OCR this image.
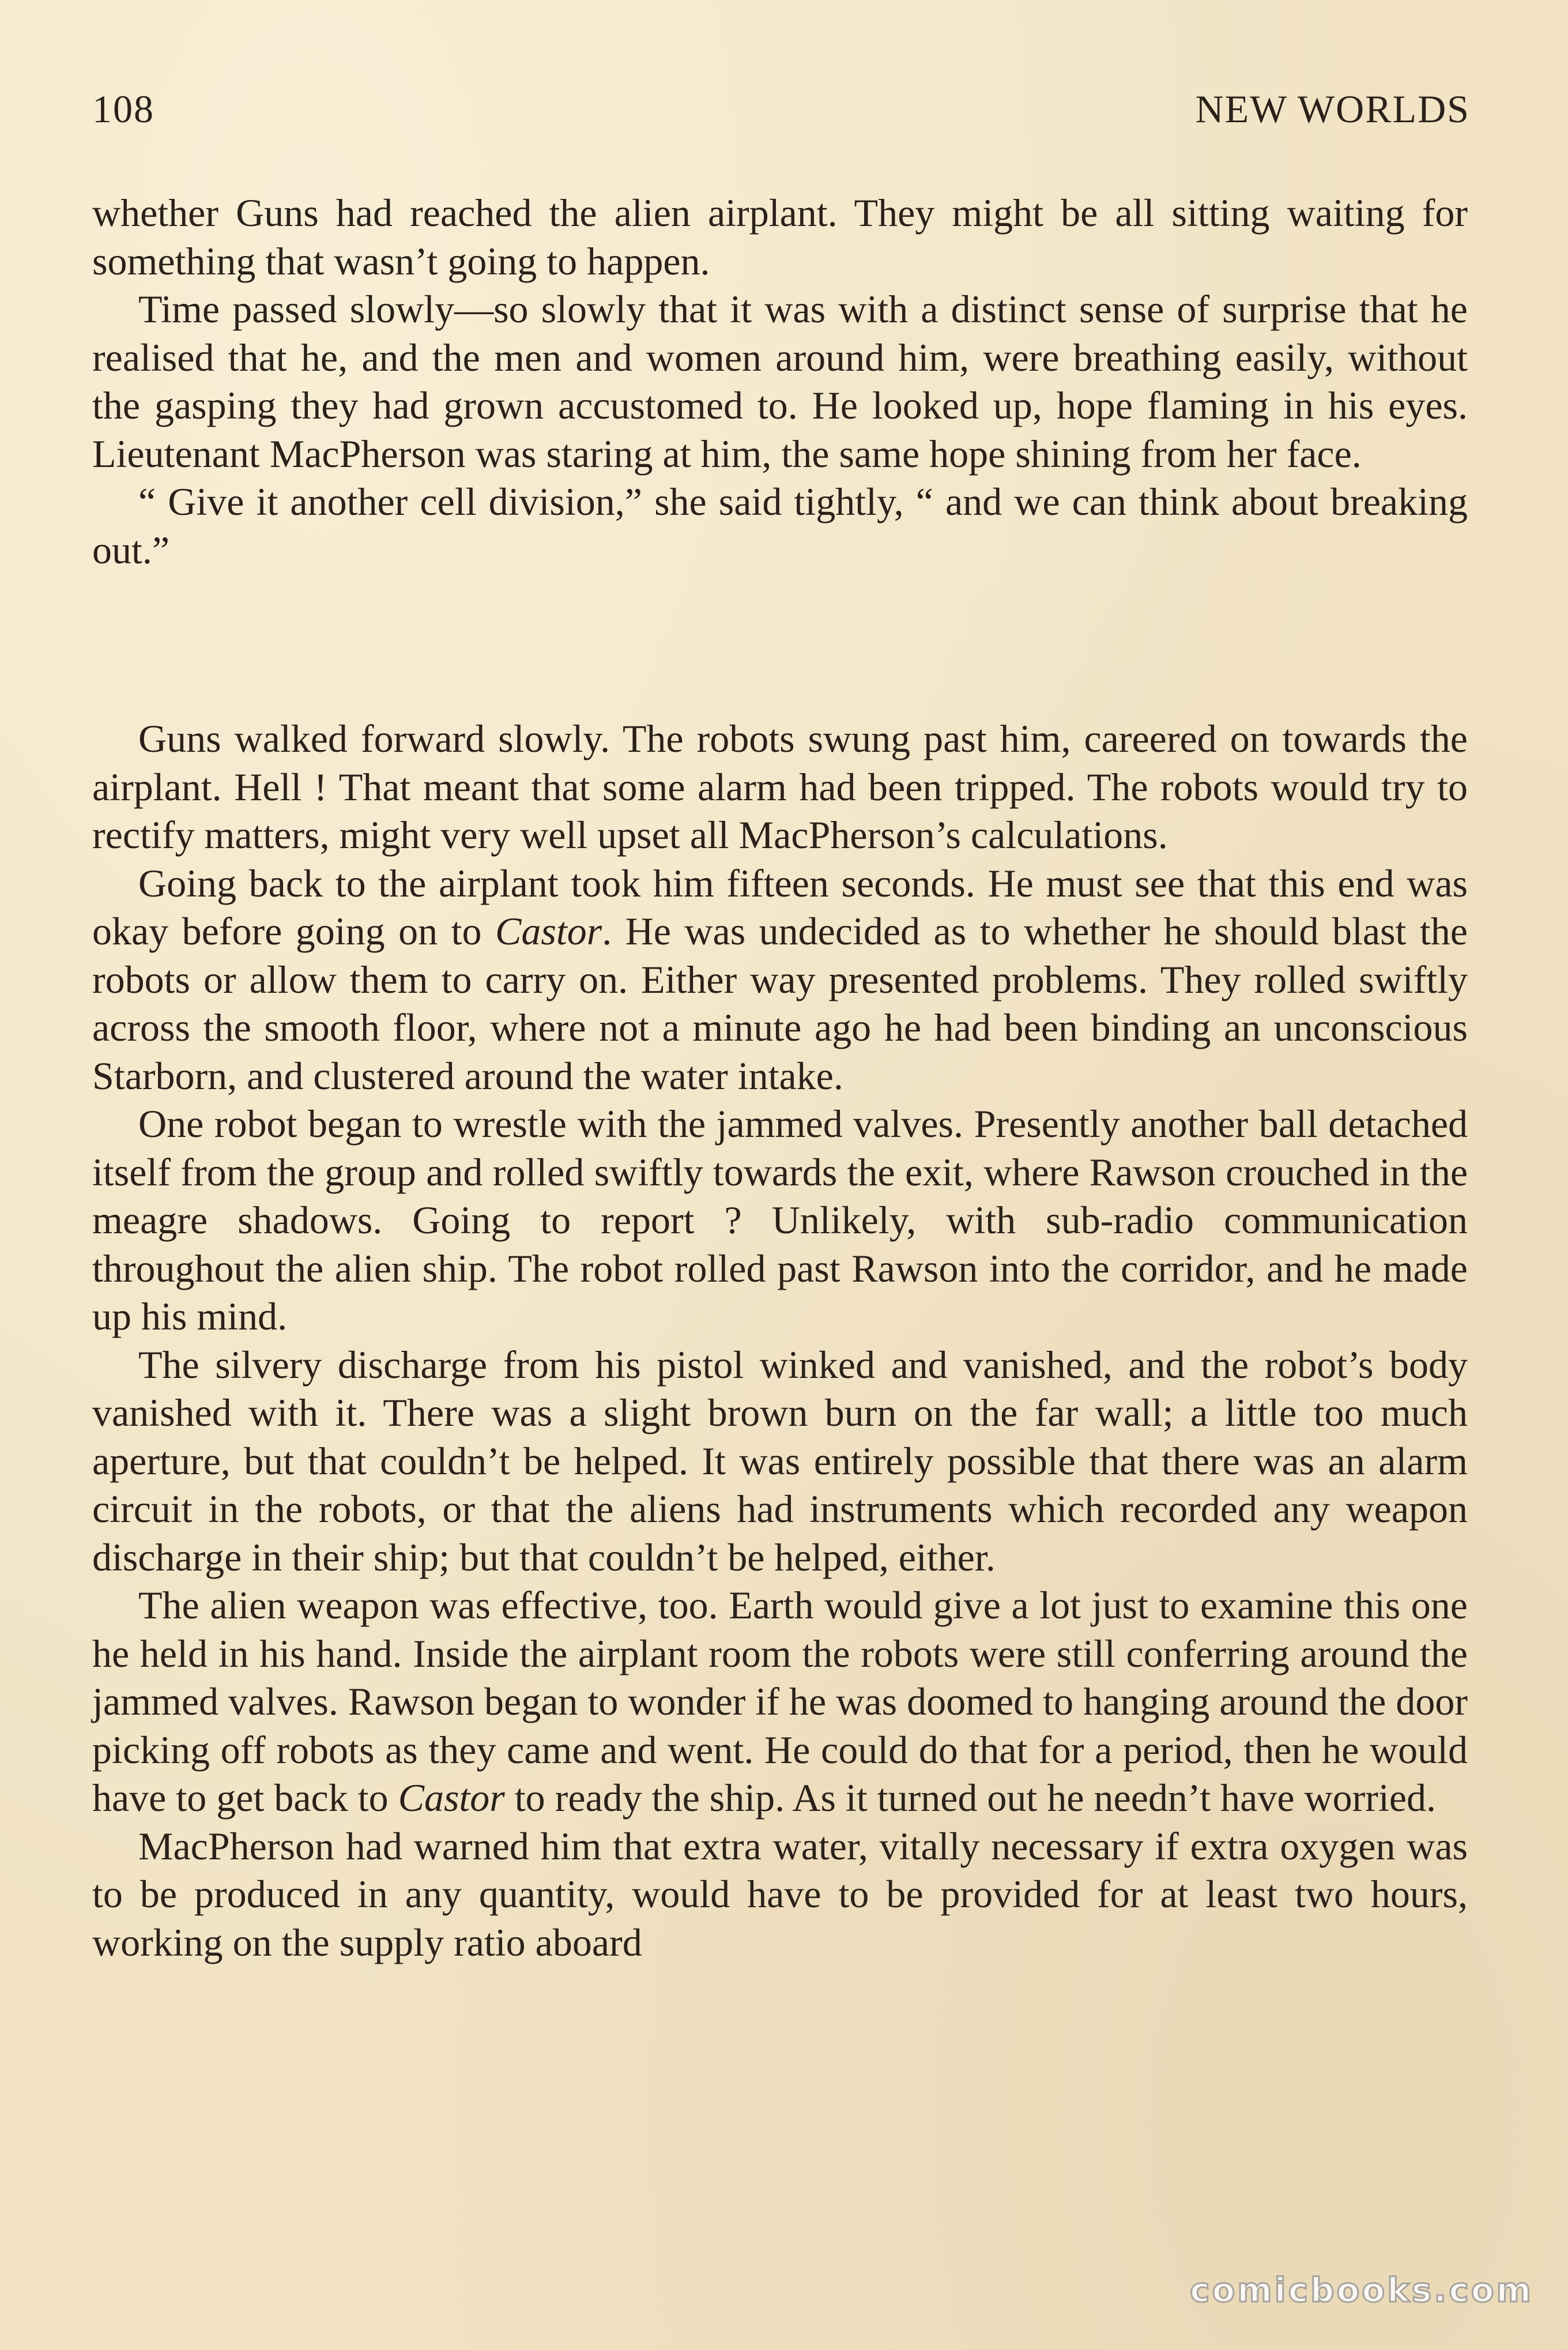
108	NEW WORLDS

whether Guns had reached the alien airplant. They might be all sitting waiting for something that wasn’t going to happen.

Time passed slowly—so slowly that it was with a distinct sense of surprise that he realised that he, and the men and women around him, were breathing easily, without the gasping they had grown accustomed to. He looked up, hope flaming in his eyes. Lieutenant MacPherson was staring at him, the same hope shining from her face.

“ Give it another cell division,” she said tightly, “ and we can think about breaking out.”

Guns walked forward slowly. The robots swung past him, careered on towards the airplant. Hell ! That meant that some alarm had been tripped. The robots would try to rectify matters, might very well upset all MacPherson’s calculations.

Going back to the airplant took him fifteen seconds. He must see that this end was okay before going on to Castor. He was undecided as to whether he should blast the robots or allow them to carry on. Either way presented problems. They rolled swiftly across the smooth floor, where not a minute ago he had been binding an unconscious Starborn, and clustered around the water intake.

One robot began to wrestle with the jammed valves. Presently another ball detached itself from the group and rolled swiftly towards the exit, where Rawson crouched in the meagre shadows. Going to report ? Unlikely, with sub-radio communication throughout the alien ship. The robot rolled past Rawson into the corridor, and he made up his mind.

The silvery discharge from his pistol winked and vanished, and the robot’s body vanished with it. There was a slight brown burn on the far wall; a little too much aperture, but that couldn’t be helped. It was entirely possible that there was an alarm circuit in the robots, or that the aliens had instruments which recorded any weapon discharge in their ship; but that couldn’t be helped, either.

The alien weapon was effective, too. Earth would give a lot just to examine this one he held in his hand. Inside the airplant room the robots were still conferring around the jammed valves. Rawson began to wonder if he was doomed to hanging around the door picking off robots as they came and went. He could do that for a period, then he would have to get back to Castor to ready the ship. As it turned out he needn’t have worried.

MacPherson had warned him that extra water, vitally necessary if extra oxygen was to be produced in any quantity, would have to be provided for at least two hours, working on the supply ratio aboard

comicbooks.com
